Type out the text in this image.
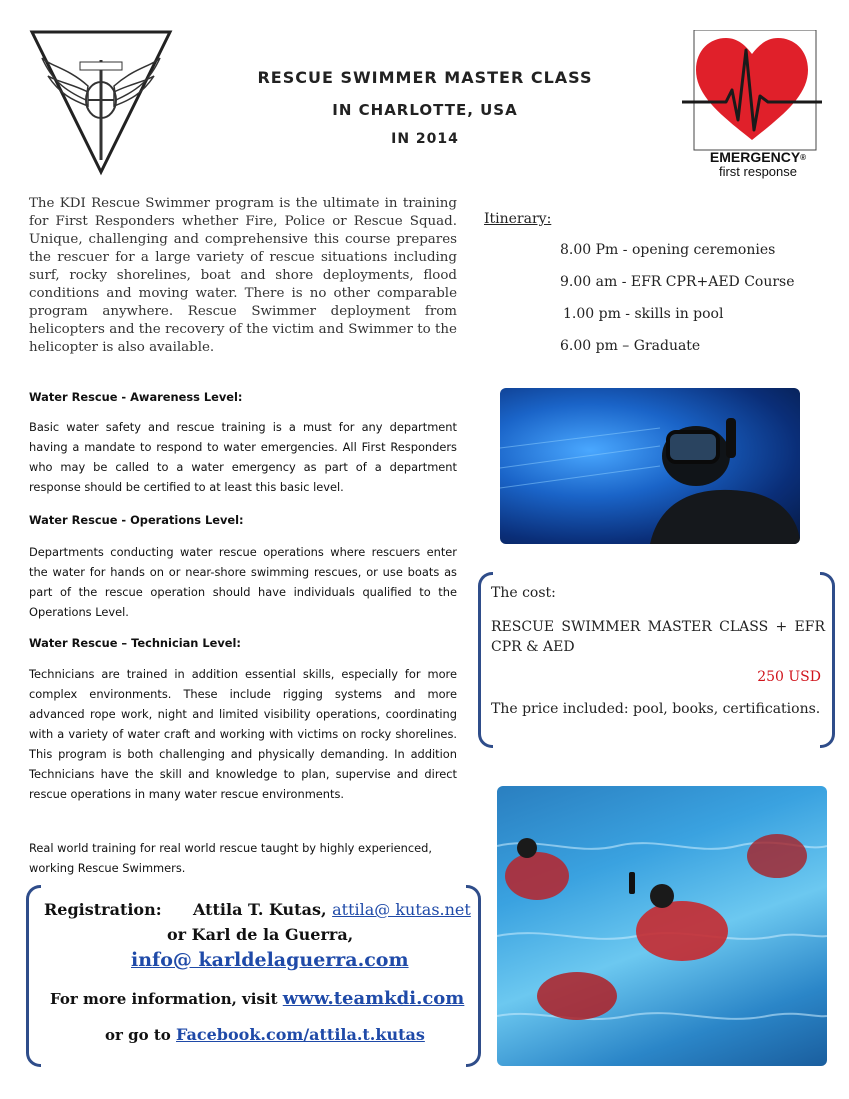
EMERGENCY®
first response
RESCUE SWIMMER MASTER CLASS
IN CHARLOTTE, USA
IN 2014

The KDI Rescue Swimmer program is the ultimate in training for First Responders whether Fire, Police or Rescue Squad. Unique, challenging and comprehensive this course prepares the rescuer for a large variety of rescue situations including surf, rocky shorelines, boat and shore deployments, flood conditions and moving water. There is no other comparable program anywhere. Rescue Swimmer deployment from helicopters and the recovery of the victim and Swimmer to the helicopter is also available.

Water Rescue - Awareness Level:

Basic water safety and rescue training is a must for any department having a mandate to respond to water emergencies. All First Responders who may be called to a water emergency as part of a department response should be certified to at least this basic level.

Water Rescue - Operations Level:

Departments conducting water rescue operations where rescuers enter the water for hands on or near-shore swimming rescues, or use boats as part of the rescue operation should have individuals qualified to the Operations Level.

Water Rescue – Technician Level:

Technicians are trained in addition essential skills, especially for more complex environments. These include rigging systems and more advanced rope work, night and limited visibility operations, coordinating with a variety of water craft and working with victims on rocky shorelines. This program is both challenging and physically demanding. In addition Technicians have the skill and knowledge to plan, supervise and direct rescue operations in many water rescue environments.

Real world training for real world rescue taught by highly experienced, working Rescue Swimmers.

Itinerary:
8.00 Pm - opening ceremonies
9.00 am - EFR CPR+AED Course
1.00 pm - skills in pool
6.00 pm – Graduate
The cost:
RESCUE SWIMMER MASTER CLASS + EFR CPR & AED
250 USD
The price included: pool, books, certifications.
Registration: Attila T. Kutas, attila@ kutas.net
or Karl de la Guerra,
info@ karldelaguerra.com
For more information, visit www.teamkdi.com
or go to Facebook.com/attila.t.kutas
